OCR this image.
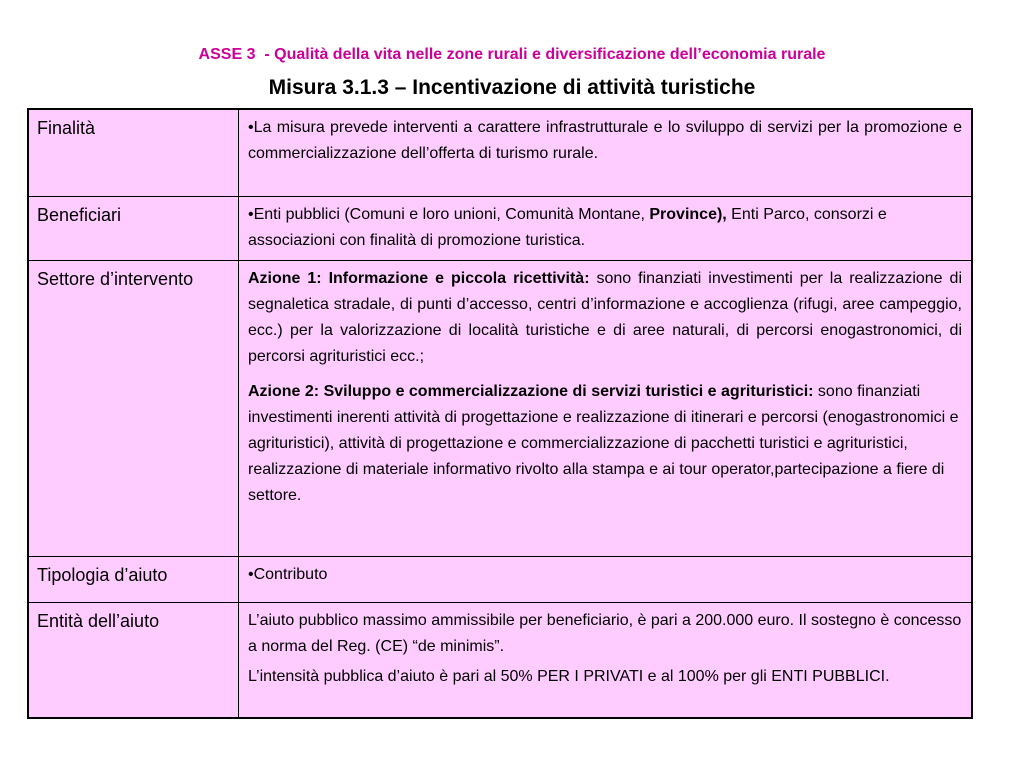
ASSE 3  - Qualità della vita nelle zone rurali e diversificazione dell’economia rurale
Misura 3.1.3 – Incentivazione di attività turistiche
Finalità	•La misura prevede interventi a carattere infrastrutturale e lo sviluppo di servizi per la promozione e commercializzazione dell’offerta di turismo rurale.
Beneficiari	•Enti pubblici (Comuni e loro unioni, Comunità Montane, Province), Enti Parco, consorzi e associazioni con finalità di promozione turistica.
Settore d’intervento	Azione 1: Informazione e piccola ricettività: sono finanziati investimenti per la realizzazione di segnaletica stradale, di punti d’accesso, centri d’informazione e accoglienza (rifugi, aree campeggio, ecc.) per la valorizzazione di località turistiche e di aree naturali, di percorsi enogastronomici, di percorsi agrituristici ecc.;

Azione 2: Sviluppo e commercializzazione di servizi turistici e agrituristici: sono finanziati investimenti inerenti attività di progettazione e realizzazione di itinerari e percorsi (enogastronomici e agrituristici), attività di progettazione e commercializzazione di pacchetti turistici e agrituristici, realizzazione di materiale informativo rivolto alla stampa e ai tour operator,partecipazione a fiere di settore.

Tipologia d’aiuto	•Contributo
Entità dell’aiuto	L’aiuto pubblico massimo ammissibile per beneficiario, è pari a 200.000 euro. Il sostegno è concesso a norma del Reg. (CE) “de minimis”.

L’intensità pubblica d’aiuto è pari al 50% PER I PRIVATI e al 100% per gli ENTI PUBBLICI.
